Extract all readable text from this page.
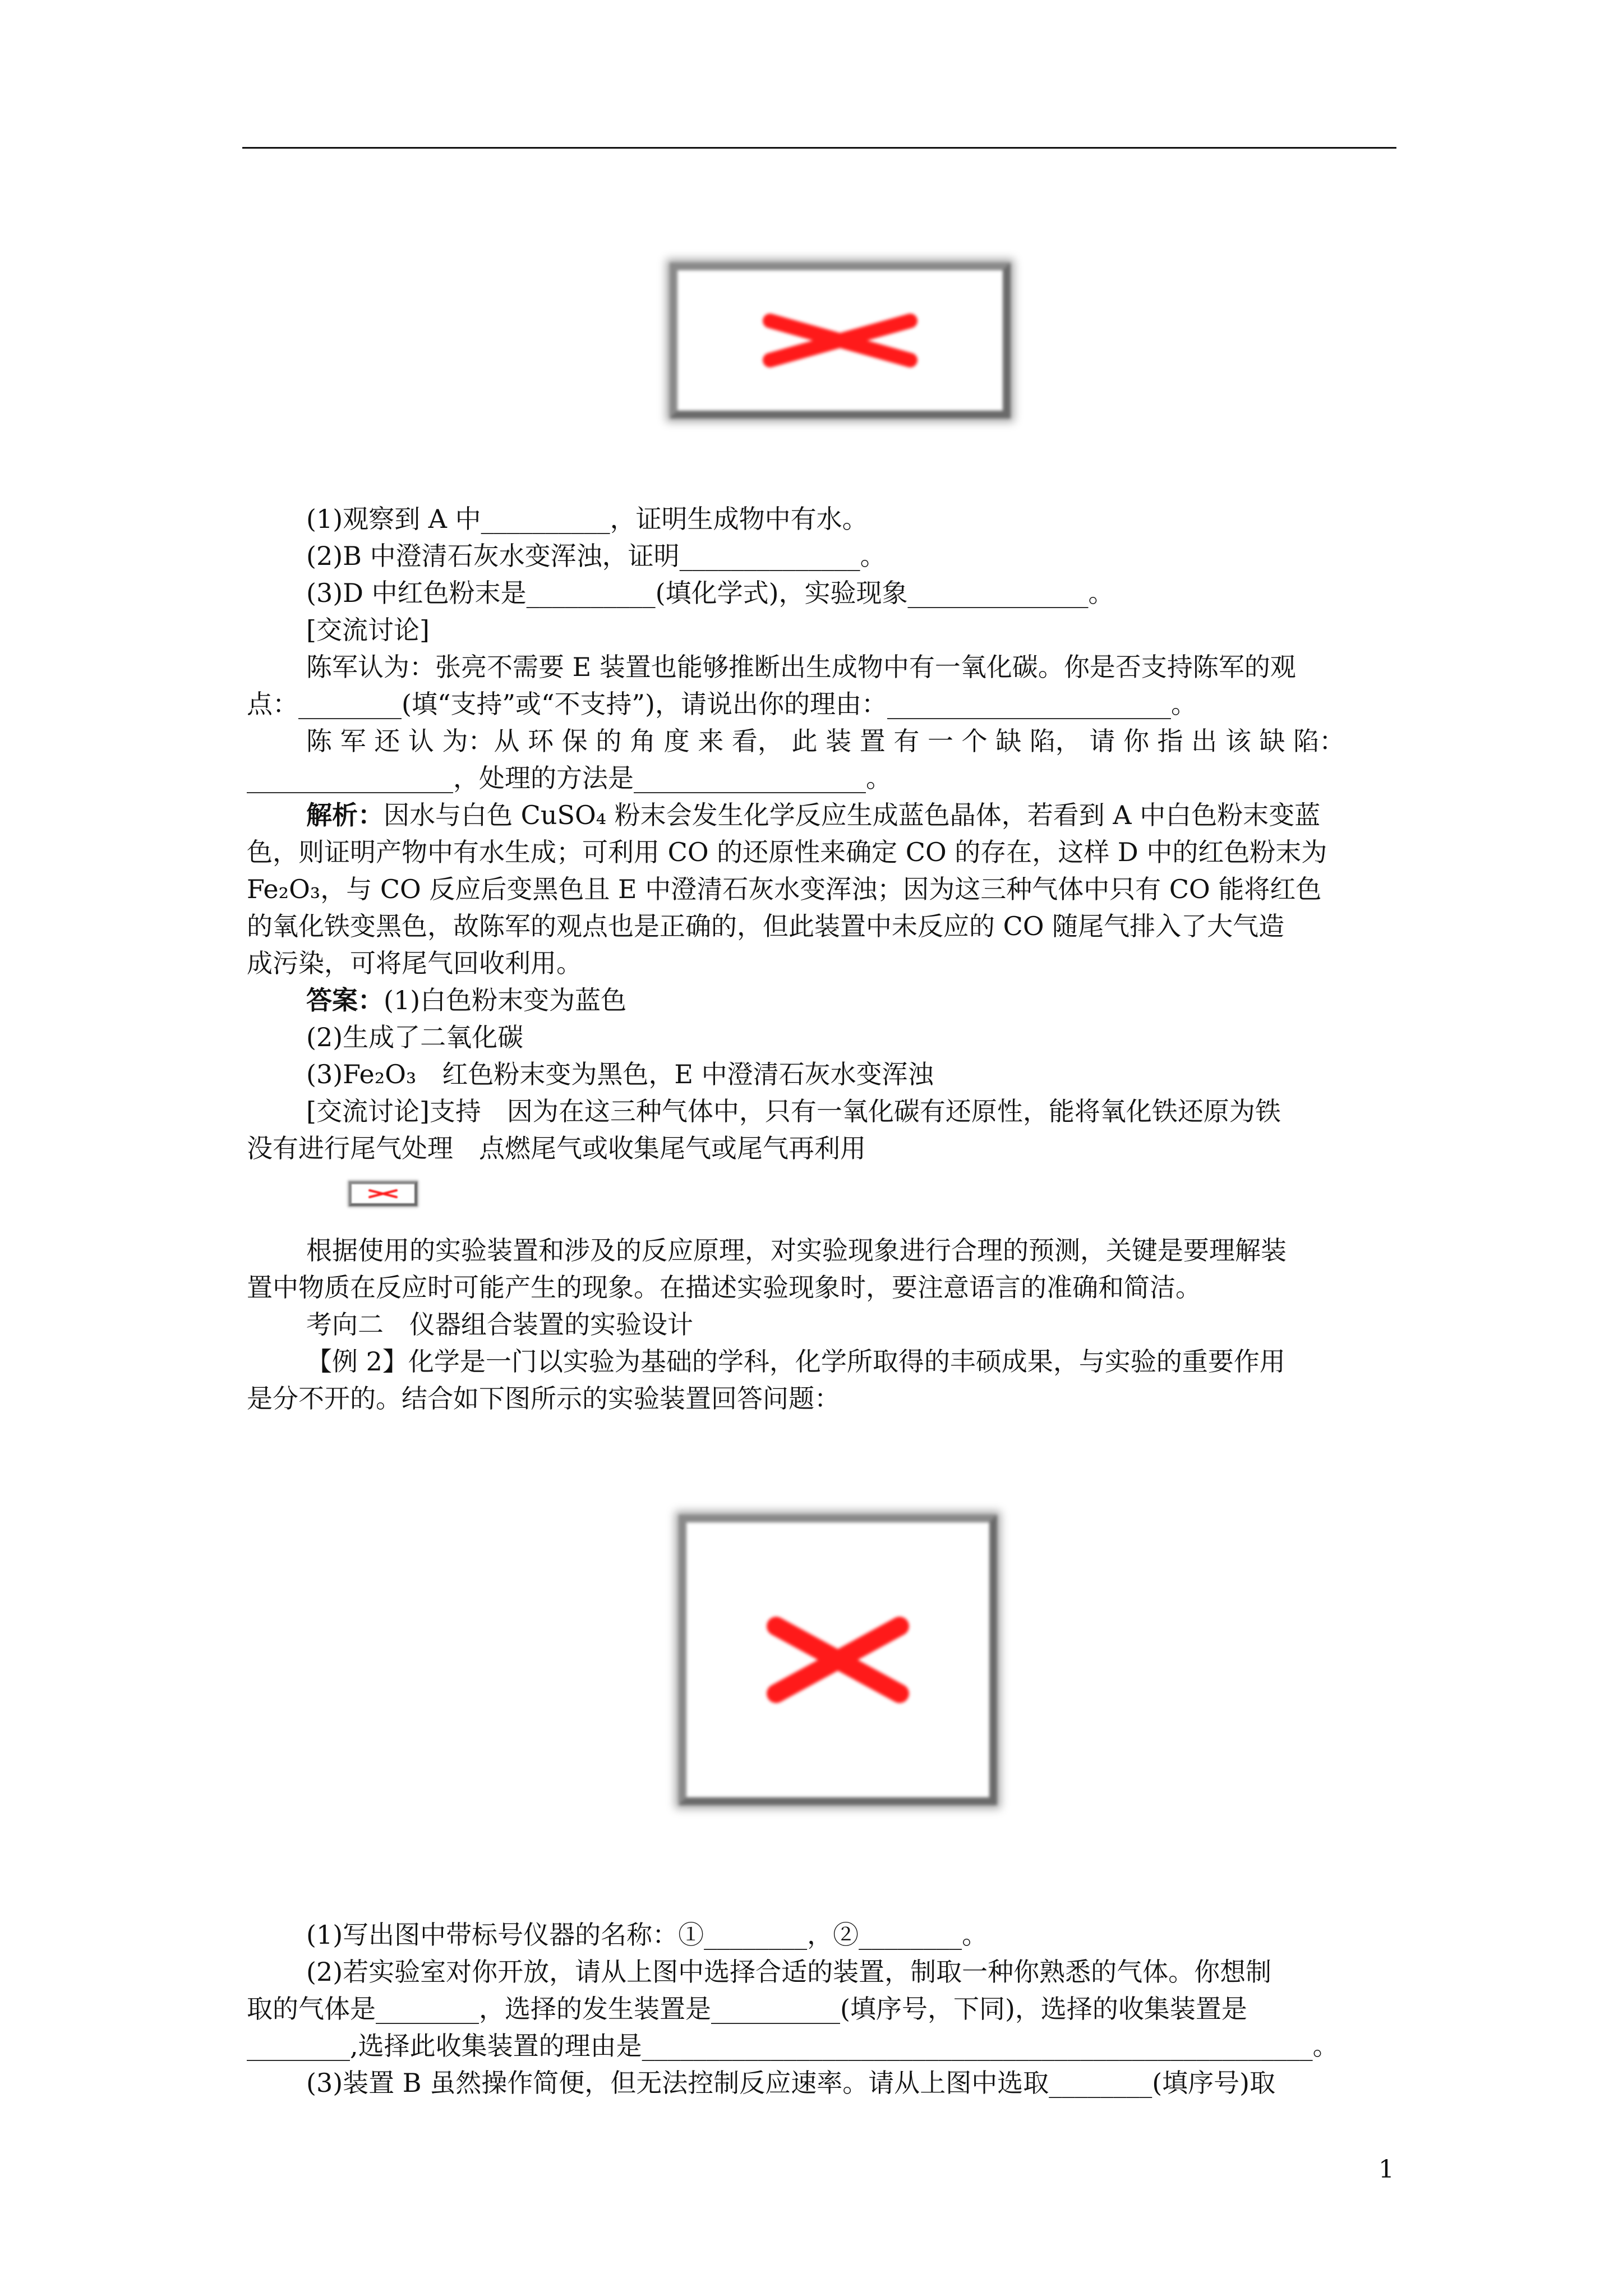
(1)观察到 A 中__________，证明生成物中有水。
(2)B 中澄清石灰水变浑浊，证明______________。
(3)D 中红色粉末是__________(填化学式)，实验现象______________。
[交流讨论]
陈军认为：张亮不需要 E 装置也能够推断出生成物中有一氧化碳。你是否支持陈军的观
点：________(填“支持”或“不支持”)，请说出你的理由：______________________。
陈 军 还 认 为：从 环 保 的 角 度 来 看， 此 装 置 有 一 个 缺 陷， 请 你 指 出 该 缺 陷：
________________，处理的方法是__________________。
解析：因水与白色 CuSO₄ 粉末会发生化学反应生成蓝色晶体，若看到 A 中白色粉末变蓝
色，则证明产物中有水生成；可利用 CO 的还原性来确定 CO 的存在，这样 D 中的红色粉末为
Fe₂O₃，与 CO 反应后变黑色且 E 中澄清石灰水变浑浊；因为这三种气体中只有 CO 能将红色
的氧化铁变黑色，故陈军的观点也是正确的，但此装置中未反应的 CO 随尾气排入了大气造
成污染，可将尾气回收利用。
答案：(1)白色粉末变为蓝色
(2)生成了二氧化碳
(3)Fe₂O₃　红色粉末变为黑色，E 中澄清石灰水变浑浊
[交流讨论]支持　因为在这三种气体中，只有一氧化碳有还原性，能将氧化铁还原为铁
没有进行尾气处理　点燃尾气或收集尾气或尾气再利用
根据使用的实验装置和涉及的反应原理，对实验现象进行合理的预测，关键是要理解装
置中物质在反应时可能产生的现象。在描述实验现象时，要注意语言的准确和简洁。
考向二　仪器组合装置的实验设计
【例 2】化学是一门以实验为基础的学科，化学所取得的丰硕成果，与实验的重要作用
是分不开的。结合如下图所示的实验装置回答问题：
(1)写出图中带标号仪器的名称：①________，②________。
(2)若实验室对你开放，请从上图中选择合适的装置，制取一种你熟悉的气体。你想制
取的气体是________，选择的发生装置是__________(填序号，下同)，选择的收集装置是
________,选择此收集装置的理由是____________________________________________________。
(3)装置 B 虽然操作简便，但无法控制反应速率。请从上图中选取________(填序号)取
1
